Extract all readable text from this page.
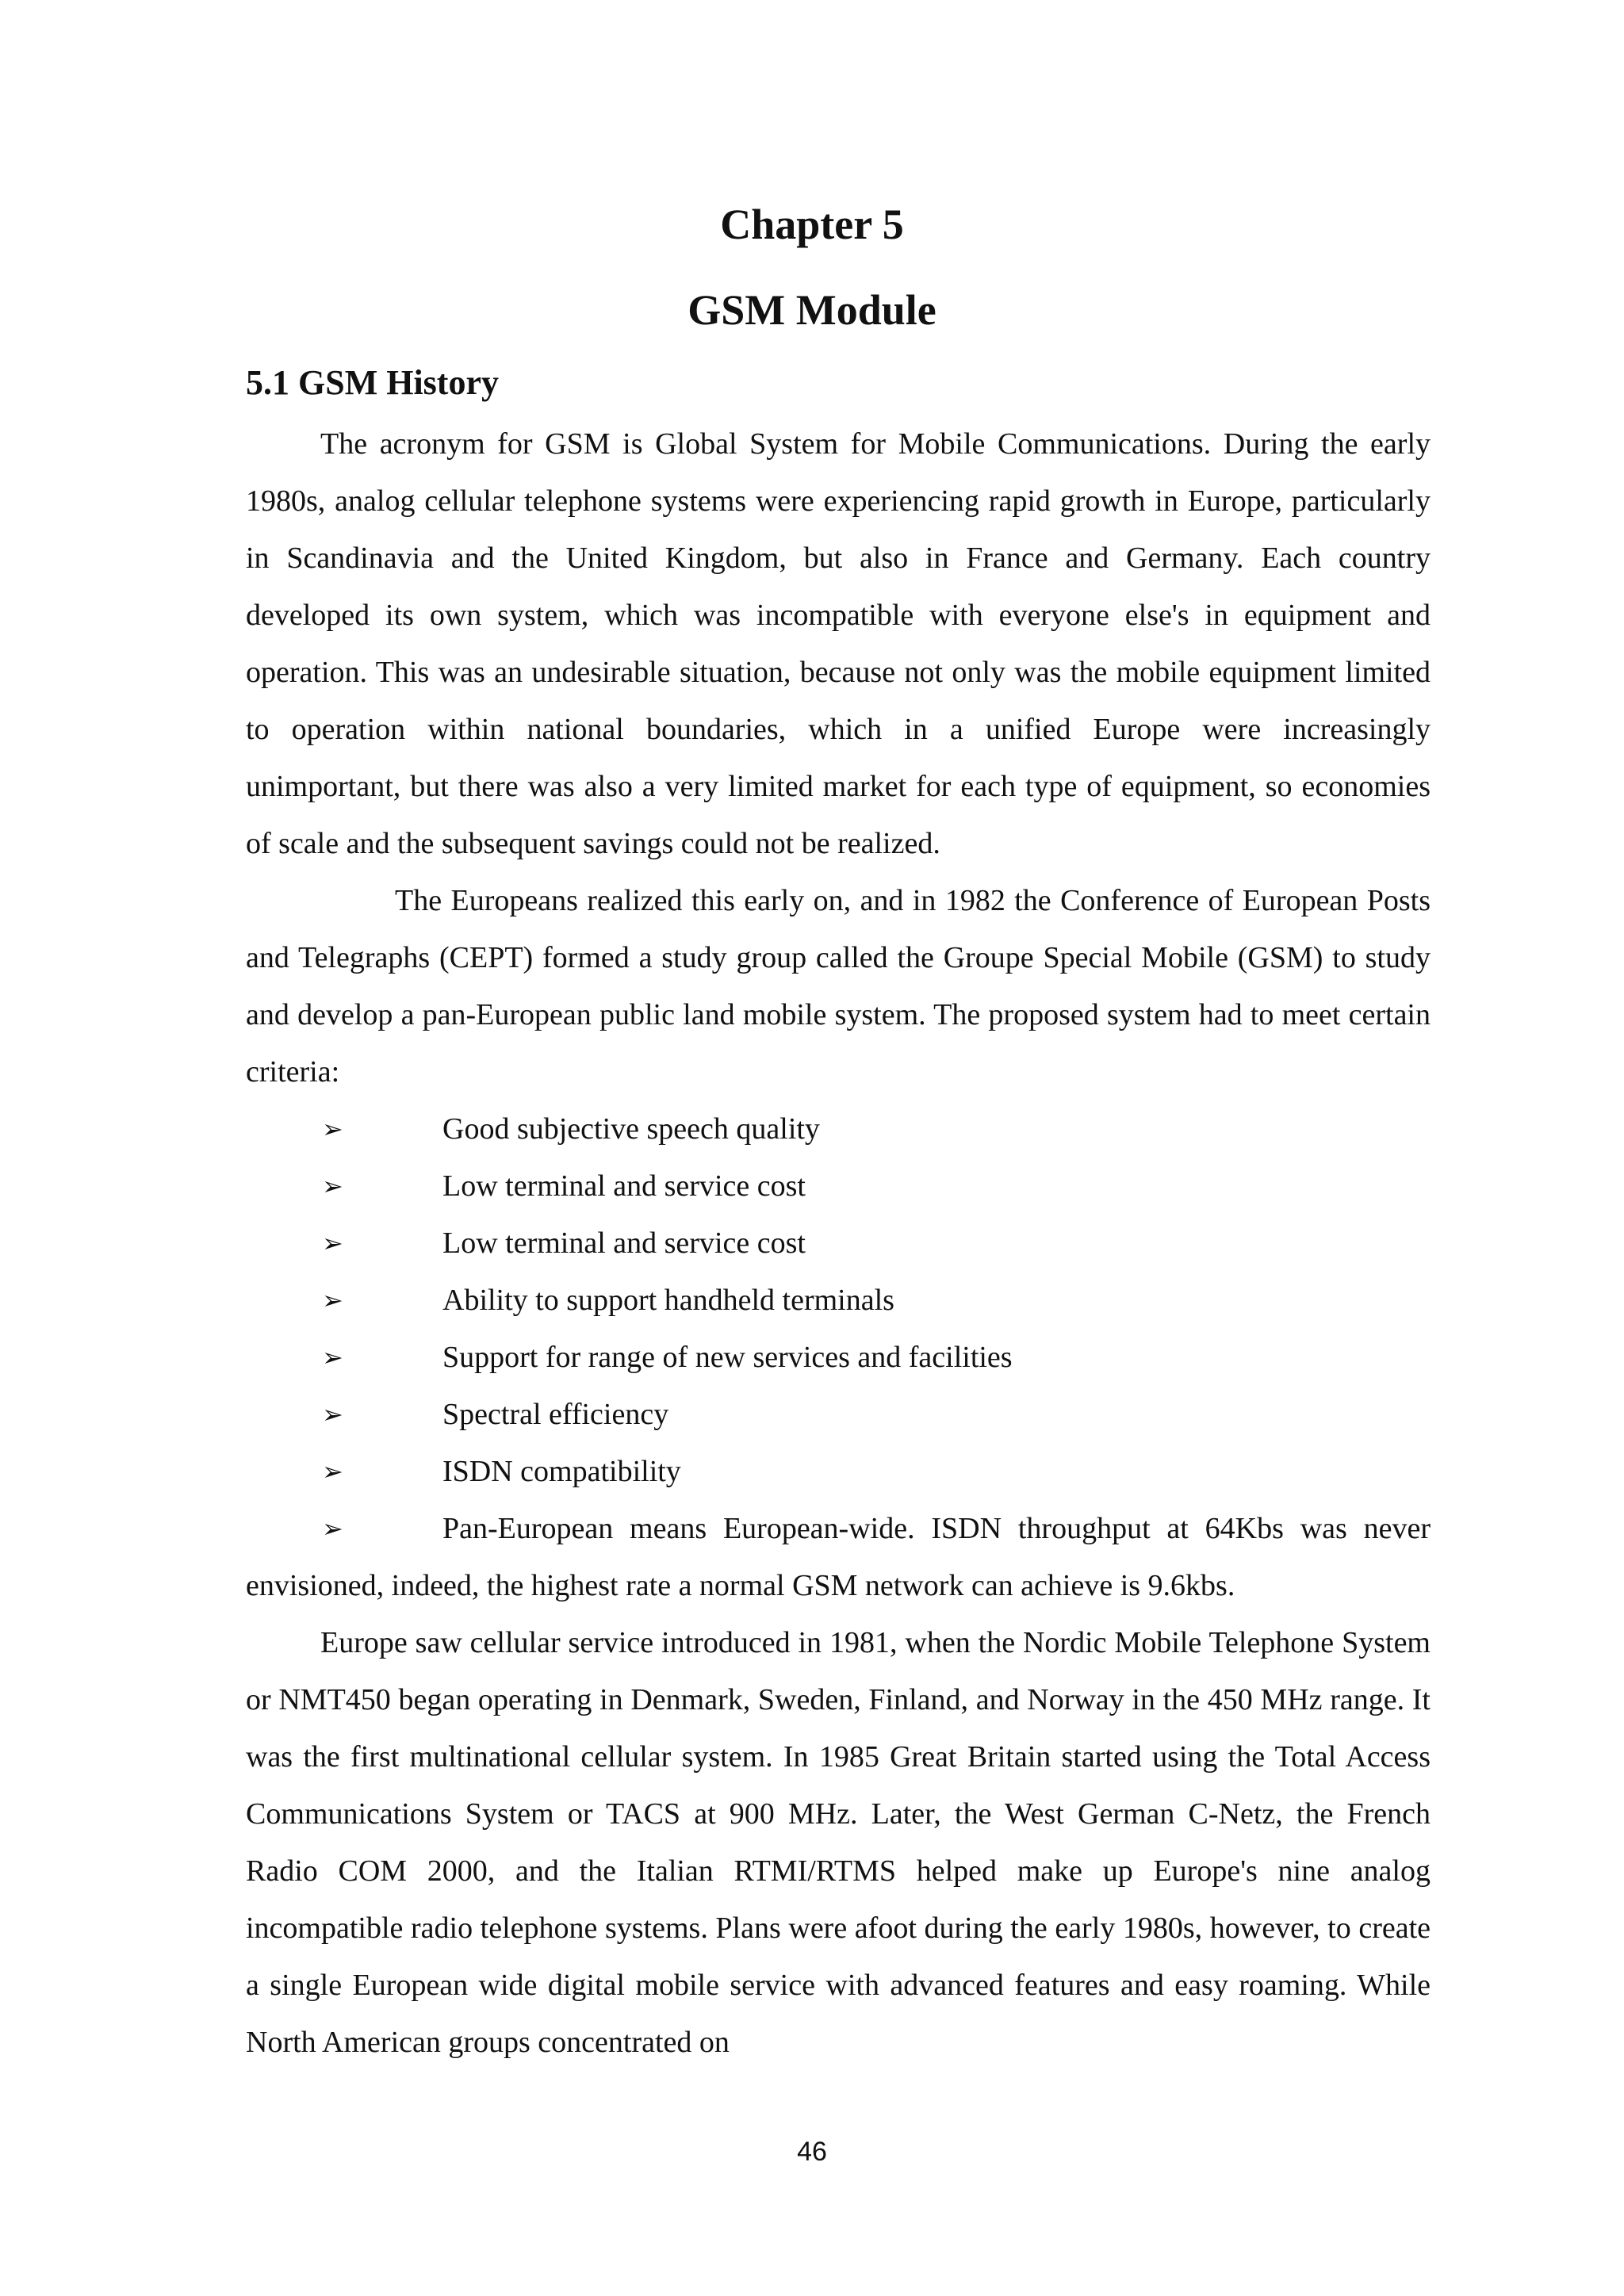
Chapter 5
GSM Module
5.1 GSM History

The acronym for GSM is Global System for Mobile Communications. During the early 1980s, analog cellular telephone systems were experiencing rapid growth in Europe, particularly in Scandinavia and the United Kingdom, but also in France and Germany. Each country developed its own system, which was incompatible with everyone else's in equipment and operation. This was an undesirable situation, because not only was the mobile equipment limited to operation within national boundaries, which in a unified Europe were increasingly unimportant, but there was also a very limited market for each type of equipment, so economies of scale and the subsequent savings could not be realized.

The Europeans realized this early on, and in 1982 the Conference of European Posts and Telegraphs (CEPT) formed a study group called the Groupe Special Mobile (GSM) to study and develop a pan-European public land mobile system. The proposed system had to meet certain criteria:

➢	Good subjective speech quality
➢	Low terminal and service cost
➢	Low terminal and service cost
➢	Ability to support handheld terminals
➢	Support for range of new services and facilities
➢	Spectral efficiency
➢	ISDN compatibility
➢	Pan-European means European-wide. ISDN throughput at 64Kbs was never envisioned, indeed, the highest rate a normal GSM network can achieve is 9.6kbs.

Europe saw cellular service introduced in 1981, when the Nordic Mobile Telephone System or NMT450 began operating in Denmark, Sweden, Finland, and Norway in the 450 MHz range. It was the first multinational cellular system. In 1985 Great Britain started using the Total Access Communications System or TACS at 900 MHz. Later, the West German C-Netz, the French Radio COM 2000, and the Italian RTMI/RTMS helped make up Europe's nine analog incompatible radio telephone systems. Plans were afoot during the early 1980s, however, to create a single European wide digital mobile service with advanced features and easy roaming. While North American groups concentrated on

46
